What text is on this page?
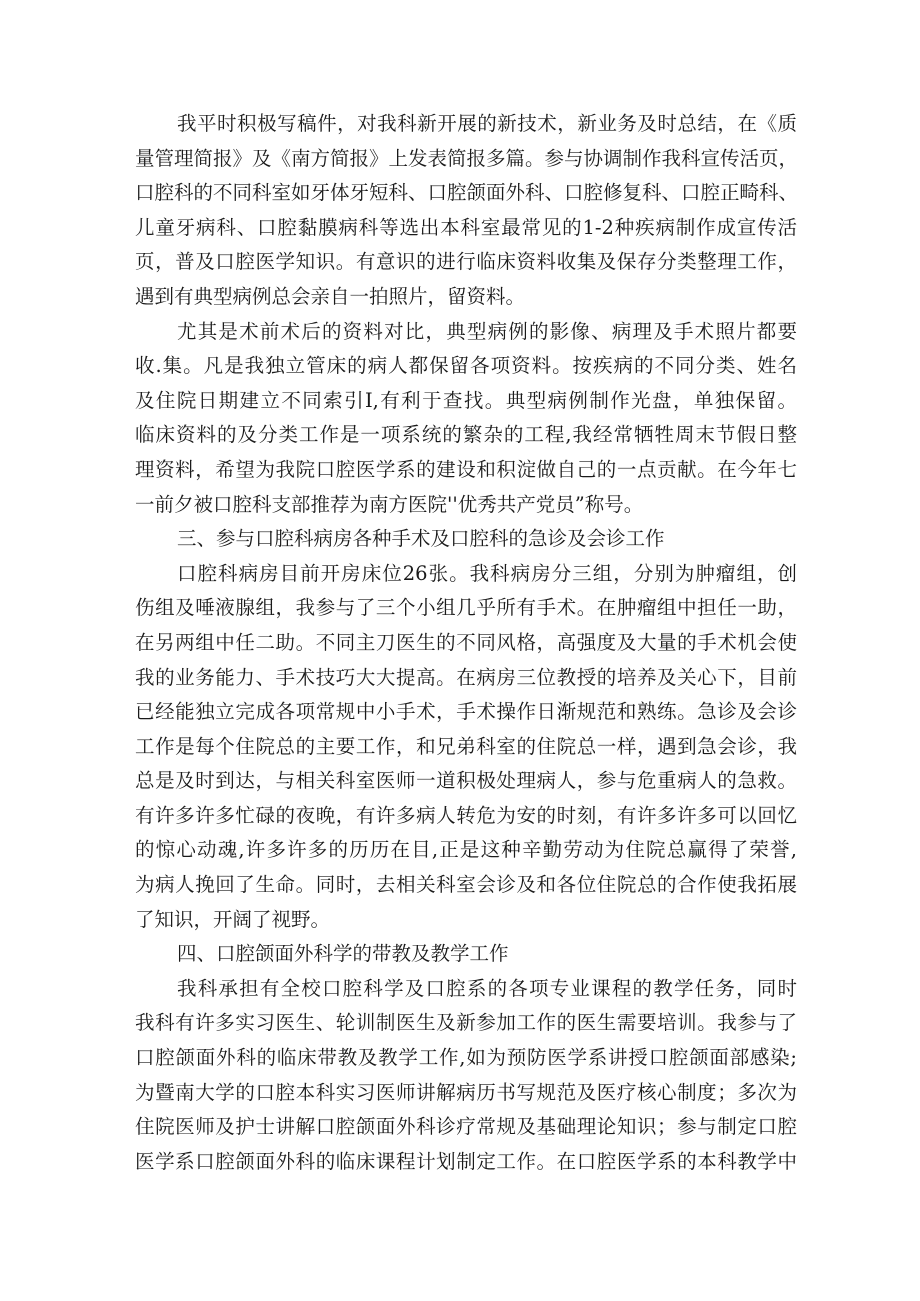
我平时积极写稿件，对我科新开展的新技术，新业务及时总结，在《质
量管理简报》及《南方简报》上发表简报多篇。参与协调制作我科宣传活页，
口腔科的不同科室如牙体牙短科、口腔颌面外科、口腔修复科、口腔正畸科、
儿童牙病科、口腔黏膜病科等选出本科室最常见的1-2种疾病制作成宣传活
页，普及口腔医学知识。有意识的进行临床资料收集及保存分类整理工作，
遇到有典型病例总会亲自一拍照片，留资料。
尤其是术前术后的资料对比，典型病例的影像、病理及手术照片都要
收.集。凡是我独立管床的病人都保留各项资料。按疾病的不同分类、姓名
及住院日期建立不同索引I,有利于查找。典型病例制作光盘，单独保留。
临床资料的及分类工作是一项系统的繁杂的工程,我经常牺牲周末节假日整
理资料，希望为我院口腔医学系的建设和积淀做自己的一点贡献。在今年七
一前夕被口腔科支部推荐为南方医院''优秀共产党员”称号。
三、参与口腔科病房各种手术及口腔科的急诊及会诊工作
口腔科病房目前开房床位26张。我科病房分三组，分别为肿瘤组，创
伤组及唾液腺组，我参与了三个小组几乎所有手术。在肿瘤组中担任一助，
在另两组中任二助。不同主刀医生的不同风格，高强度及大量的手术机会使
我的业务能力、手术技巧大大提高。在病房三位教授的培养及关心下，目前
已经能独立完成各项常规中小手术，手术操作日渐规范和熟练。急诊及会诊
工作是每个住院总的主要工作，和兄弟科室的住院总一样，遇到急会诊，我
总是及时到达，与相关科室医师一道积极处理病人，参与危重病人的急救。
有许多许多忙碌的夜晚，有许多病人转危为安的时刻，有许多许多可以回忆
的惊心动魂,许多许多的历历在目,正是这种辛勤劳动为住院总赢得了荣誉,
为病人挽回了生命。同时，去相关科室会诊及和各位住院总的合作使我拓展
了知识，开阔了视野。
四、口腔颌面外科学的带教及教学工作
我科承担有全校口腔科学及口腔系的各项专业课程的教学任务，同时
我科有许多实习医生、轮训制医生及新参加工作的医生需要培训。我参与了
口腔颌面外科的临床带教及教学工作,如为预防医学系讲授口腔颌面部感染;
为暨南大学的口腔本科实习医师讲解病历书写规范及医疗核心制度；多次为
住院医师及护士讲解口腔颌面外科诊疗常规及基础理论知识；参与制定口腔
医学系口腔颌面外科的临床课程计划制定工作。在口腔医学系的本科教学中
